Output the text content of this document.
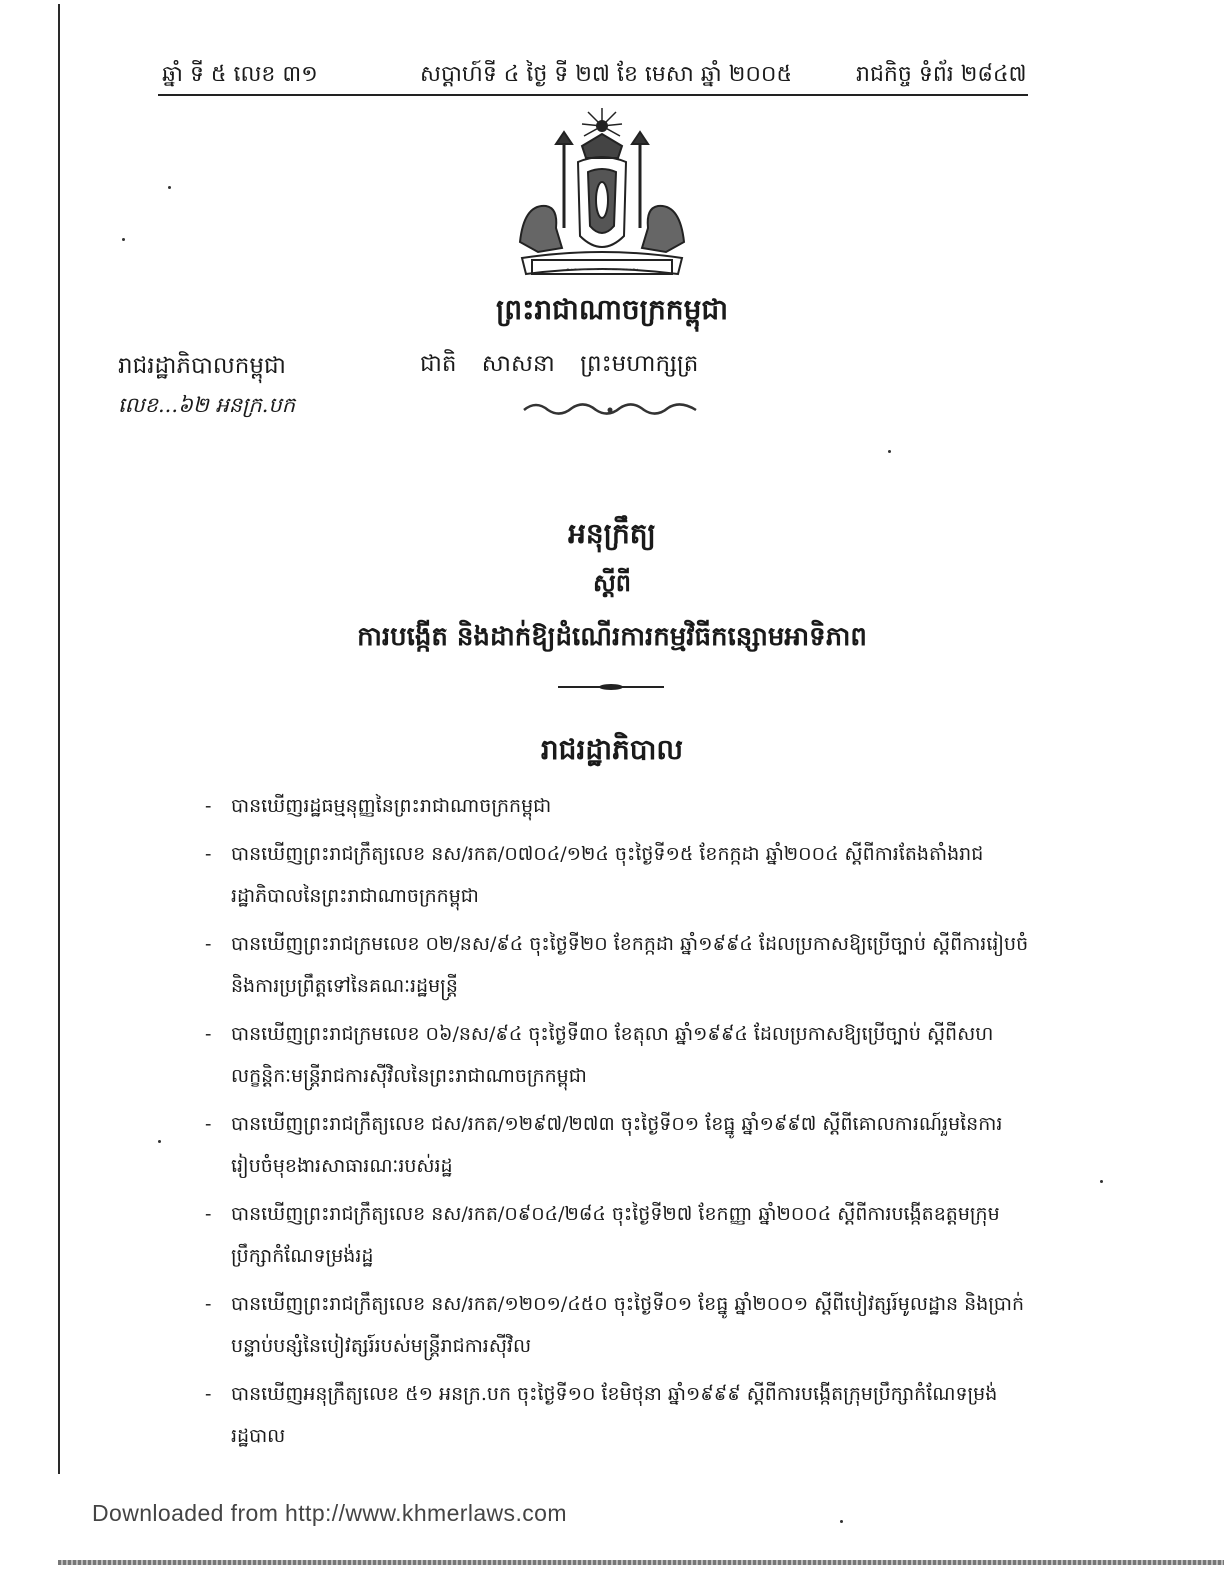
ឆ្នាំ ទី ៥ លេខ ៣១	សប្តាហ៍ទី ៤ ថ្ងៃ ទី ២៧ ខែ មេសា ឆ្នាំ ២០០៥	រាជកិច្ច ទំព័រ ២៨៤៧
~~~ ~~~ ~~~
ព្រះរាជាណាចក្រកម្ពុជា
រាជរដ្ឋាភិបាលកម្ពុជា	ជាតិ សាសនា ព្រះមហាក្សត្រ
លេខ...៦២ អនក្រ.បក
អនុក្រឹត្យ
ស្តីពី
ការបង្កើត និងដាក់ឱ្យដំណើរការកម្មវិធីកន្សោមអាទិភាព
រាជរដ្ឋាភិបាល
- បានឃើញរដ្ឋធម្មនុញ្ញនៃព្រះរាជាណាចក្រកម្ពុជា
- បានឃើញព្រះរាជក្រឹត្យលេខ នស/រកត/០៧០៤/១២៤ ចុះថ្ងៃទី១៥ ខែកក្កដា ឆ្នាំ២០០៤ ស្តីពីការតែងតាំងរាជរដ្ឋាភិបាលនៃព្រះរាជាណាចក្រកម្ពុជា
- បានឃើញព្រះរាជក្រមលេខ ០២/នស/៩៤ ចុះថ្ងៃទី២០ ខែកក្កដា ឆ្នាំ១៩៩៤ ដែលប្រកាសឱ្យប្រើច្បាប់ ស្តីពីការរៀបចំ និងការប្រព្រឹត្តទៅនៃគណៈរដ្ឋមន្ត្រី
- បានឃើញព្រះរាជក្រមលេខ ០៦/នស/៩៤ ចុះថ្ងៃទី៣០ ខែតុលា ឆ្នាំ១៩៩៤ ដែលប្រកាសឱ្យប្រើច្បាប់ ស្តីពីសហលក្ខន្តិកៈមន្ត្រីរាជការស៊ីវិលនៃព្រះរាជាណាចក្រកម្ពុជា
- បានឃើញព្រះរាជក្រឹត្យលេខ ជស/រកត/១២៩៧/២៧៣ ចុះថ្ងៃទី០១ ខែធ្នូ ឆ្នាំ១៩៩៧ ស្តីពីគោលការណ៍រួមនៃការរៀបចំមុខងារសាធារណៈរបស់រដ្ឋ
- បានឃើញព្រះរាជក្រឹត្យលេខ នស/រកត/០៩០៤/២៨៤ ចុះថ្ងៃទី២៧ ខែកញ្ញា ឆ្នាំ២០០៤ ស្តីពីការបង្កើតឧត្តមក្រុមប្រឹក្សាកំណែទម្រង់រដ្ឋ
- បានឃើញព្រះរាជក្រឹត្យលេខ នស/រកត/១២០១/៤៥០ ចុះថ្ងៃទី០១ ខែធ្នូ ឆ្នាំ២០០១ ស្តីពីបៀវត្សរ៍មូលដ្ឋាន និងប្រាក់បន្ទាប់បន្សំនៃបៀវត្សរ៍របស់មន្ត្រីរាជការស៊ីវិល
- បានឃើញអនុក្រឹត្យលេខ ៥១ អនក្រ.បក ចុះថ្ងៃទី១០ ខែមិថុនា ឆ្នាំ១៩៩៩ ស្តីពីការបង្កើតក្រុមប្រឹក្សាកំណែទម្រង់រដ្ឋបាល
Downloaded from http://www.khmerlaws.com
